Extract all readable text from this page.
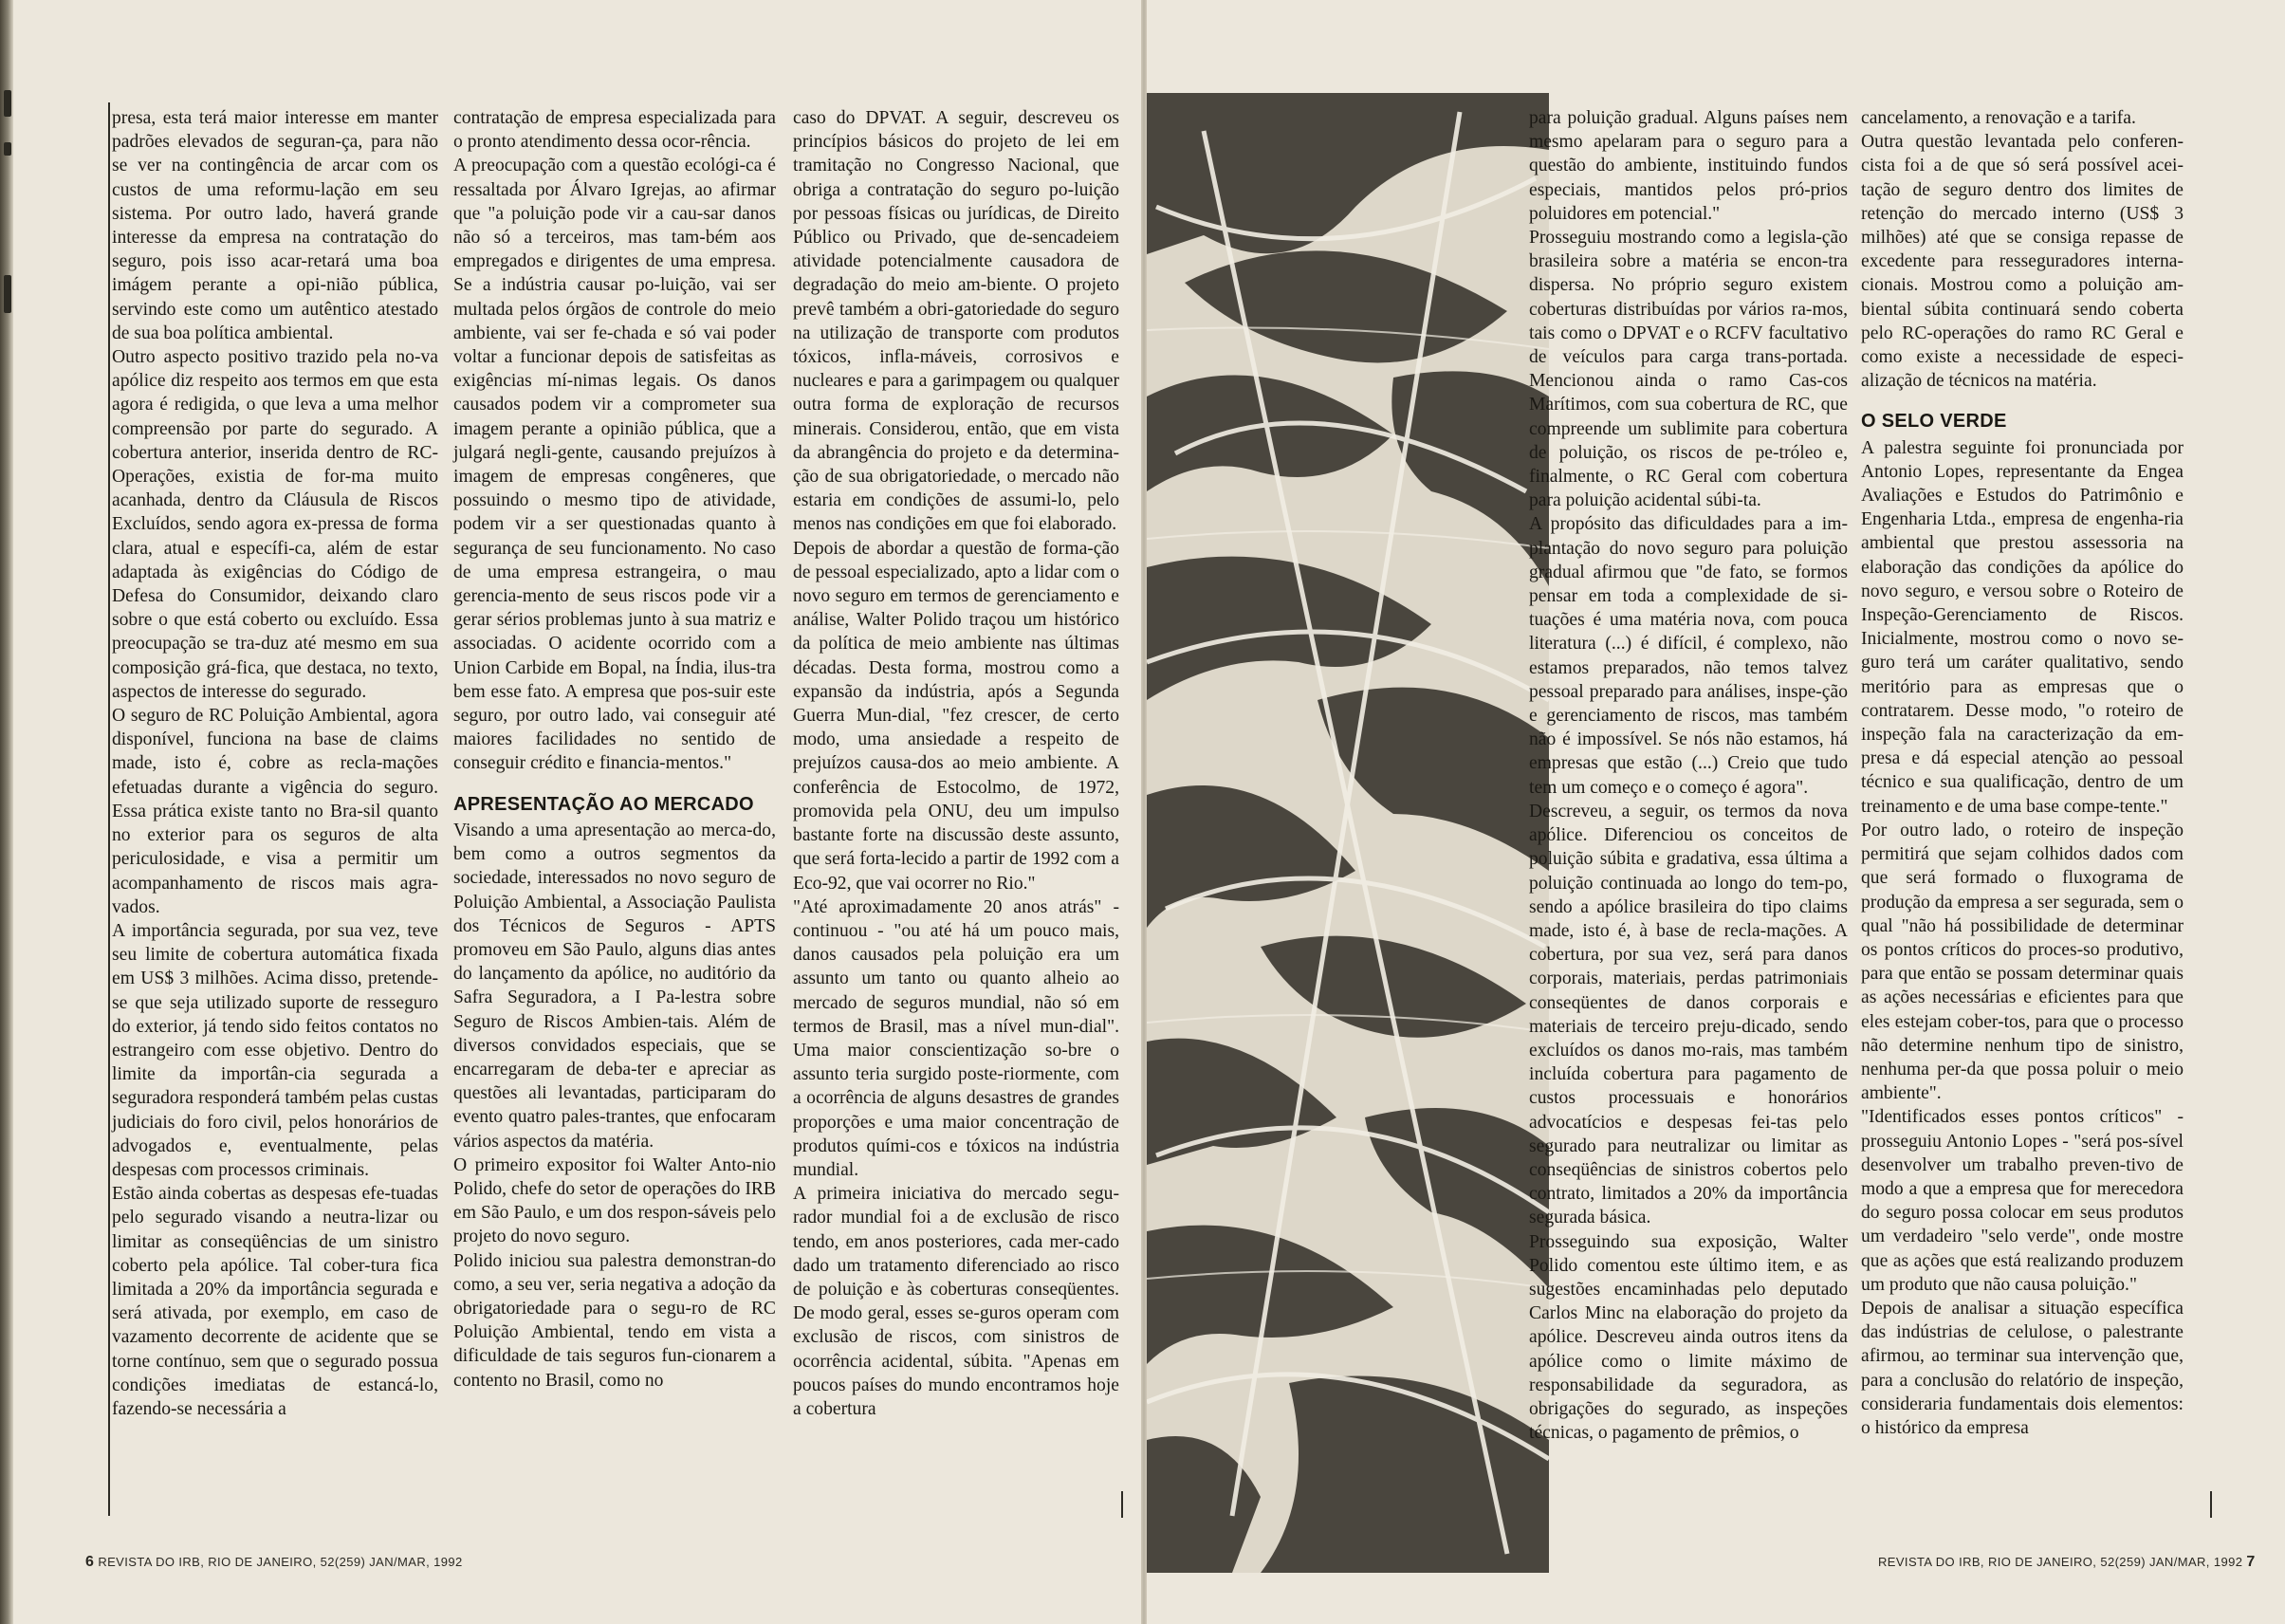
presa, esta terá maior interesse em manter padrões elevados de seguran-ça, para não se ver na contingência de arcar com os custos de uma reformu-lação em seu sistema. Por outro lado, haverá grande interesse da empresa na contratação do seguro, pois isso acar-retará uma boa imágem perante a opi-nião pública, servindo este como um autêntico atestado de sua boa política ambiental.

Outro aspecto positivo trazido pela no-va apólice diz respeito aos termos em que esta agora é redigida, o que leva a uma melhor compreensão por parte do segurado. A cobertura anterior, inserida dentro de RC-Operações, existia de for-ma muito acanhada, dentro da Cláusula de Riscos Excluídos, sendo agora ex-pressa de forma clara, atual e específi-ca, além de estar adaptada às exigências do Código de Defesa do Consumidor, deixando claro sobre o que está coberto ou excluído. Essa preocupação se tra-duz até mesmo em sua composição grá-fica, que destaca, no texto, aspectos de interesse do segurado.

O seguro de RC Poluição Ambiental, agora disponível, funciona na base de claims made, isto é, cobre as recla-mações efetuadas durante a vigência do seguro. Essa prática existe tanto no Bra-sil quanto no exterior para os seguros de alta periculosidade, e visa a permitir um acompanhamento de riscos mais agra-vados.

A importância segurada, por sua vez, teve seu limite de cobertura automática fixada em US$ 3 milhões. Acima disso, pretende-se que seja utilizado suporte de resseguro do exterior, já tendo sido feitos contatos no estrangeiro com esse objetivo. Dentro do limite da importân-cia segurada a seguradora responderá também pelas custas judiciais do foro civil, pelos honorários de advogados e, eventualmente, pelas despesas com processos criminais.

Estão ainda cobertas as despesas efe-tuadas pelo segurado visando a neutra-lizar ou limitar as conseqüências de um sinistro coberto pela apólice. Tal cober-tura fica limitada a 20% da importância segurada e será ativada, por exemplo, em caso de vazamento decorrente de acidente que se torne contínuo, sem que o segurado possua condições imediatas de estancá-lo, fazendo-se necessária a

contratação de empresa especializada para o pronto atendimento dessa ocor-rência.

A preocupação com a questão ecológi-ca é ressaltada por Álvaro Igrejas, ao afirmar que "a poluição pode vir a cau-sar danos não só a terceiros, mas tam-bém aos empregados e dirigentes de uma empresa. Se a indústria causar po-luição, vai ser multada pelos órgãos de controle do meio ambiente, vai ser fe-chada e só vai poder voltar a funcionar depois de satisfeitas as exigências mí-nimas legais. Os danos causados podem vir a comprometer sua imagem perante a opinião pública, que a julgará negli-gente, causando prejuízos à imagem de empresas congêneres, que possuindo o mesmo tipo de atividade, podem vir a ser questionadas quanto à segurança de seu funcionamento. No caso de uma empresa estrangeira, o mau gerencia-mento de seus riscos pode vir a gerar sérios problemas junto à sua matriz e associadas. O acidente ocorrido com a Union Carbide em Bopal, na Índia, ilus-tra bem esse fato. A empresa que pos-suir este seguro, por outro lado, vai conseguir até maiores facilidades no sentido de conseguir crédito e financia-mentos."

APRESENTAÇÃO AO MERCADO

Visando a uma apresentação ao merca-do, bem como a outros segmentos da sociedade, interessados no novo seguro de Poluição Ambiental, a Associação Paulista dos Técnicos de Seguros - APTS promoveu em São Paulo, alguns dias antes do lançamento da apólice, no auditório da Safra Seguradora, a I Pa-lestra sobre Seguro de Riscos Ambien-tais. Além de diversos convidados especiais, que se encarregaram de deba-ter e apreciar as questões ali levantadas, participaram do evento quatro pales-trantes, que enfocaram vários aspectos da matéria.

O primeiro expositor foi Walter Anto-nio Polido, chefe do setor de operações do IRB em São Paulo, e um dos respon-sáveis pelo projeto do novo seguro.

Polido iniciou sua palestra demonstran-do como, a seu ver, seria negativa a adoção da obrigatoriedade para o segu-ro de RC Poluição Ambiental, tendo em vista a dificuldade de tais seguros fun-cionarem a contento no Brasil, como no

caso do DPVAT. A seguir, descreveu os princípios básicos do projeto de lei em tramitação no Congresso Nacional, que obriga a contratação do seguro po-luição por pessoas físicas ou jurídicas, de Direito Público ou Privado, que de-sencadeiem atividade potencialmente causadora de degradação do meio am-biente. O projeto prevê também a obri-gatoriedade do seguro na utilização de transporte com produtos tóxicos, infla-máveis, corrosivos e nucleares e para a garimpagem ou qualquer outra forma de exploração de recursos minerais. Considerou, então, que em vista da abrangência do projeto e da determina-ção de sua obrigatoriedade, o mercado não estaria em condições de assumi-lo, pelo menos nas condições em que foi elaborado.

Depois de abordar a questão de forma-ção de pessoal especializado, apto a lidar com o novo seguro em termos de gerenciamento e análise, Walter Polido traçou um histórico da política de meio ambiente nas últimas décadas. Desta forma, mostrou como a expansão da indústria, após a Segunda Guerra Mun-dial, "fez crescer, de certo modo, uma ansiedade a respeito de prejuízos causa-dos ao meio ambiente. A conferência de Estocolmo, de 1972, promovida pela ONU, deu um impulso bastante forte na discussão deste assunto, que será forta-lecido a partir de 1992 com a Eco-92, que vai ocorrer no Rio."

"Até aproximadamente 20 anos atrás" - continuou - "ou até há um pouco mais, danos causados pela poluição era um assunto um tanto ou quanto alheio ao mercado de seguros mundial, não só em termos de Brasil, mas a nível mun-dial". Uma maior conscientização so-bre o assunto teria surgido poste-riormente, com a ocorrência de alguns desastres de grandes proporções e uma maior concentração de produtos quími-cos e tóxicos na indústria mundial.

A primeira iniciativa do mercado segu-rador mundial foi a de exclusão de risco tendo, em anos posteriores, cada mer-cado dado um tratamento diferenciado ao risco de poluição e às coberturas conseqüentes. De modo geral, esses se-guros operam com exclusão de riscos, com sinistros de ocorrência acidental, súbita. "Apenas em poucos países do mundo encontramos hoje a cobertura

6 REVISTA DO IRB, RIO DE JANEIRO, 52(259) JAN/MAR, 1992

para poluição gradual. Alguns países nem mesmo apelaram para o seguro para a questão do ambiente, instituindo fundos especiais, mantidos pelos pró-prios poluidores em potencial."

Prosseguiu mostrando como a legisla-ção brasileira sobre a matéria se encon-tra dispersa. No próprio seguro existem coberturas distribuídas por vários ra-mos, tais como o DPVAT e o RCFV facultativo de veículos para carga trans-portada. Mencionou ainda o ramo Cas-cos Marítimos, com sua cobertura de RC, que compreende um sublimite para cobertura de poluição, os riscos de pe-tróleo e, finalmente, o RC Geral com cobertura para poluição acidental súbi-ta.

A propósito das dificuldades para a im-plantação do novo seguro para poluição gradual afirmou que "de fato, se formos pensar em toda a complexidade de si-tuações é uma matéria nova, com pouca literatura (...) é difícil, é complexo, não estamos preparados, não temos talvez pessoal preparado para análises, inspe-ção e gerenciamento de riscos, mas também não é impossível. Se nós não estamos, há empresas que estão (...) Creio que tudo tem um começo e o começo é agora".

Descreveu, a seguir, os termos da nova apólice. Diferenciou os conceitos de poluição súbita e gradativa, essa última a poluição continuada ao longo do tem-po, sendo a apólice brasileira do tipo claims made, isto é, à base de recla-mações. A cobertura, por sua vez, será para danos corporais, materiais, perdas patrimoniais conseqüentes de danos corporais e materiais de terceiro preju-dicado, sendo excluídos os danos mo-rais, mas também incluída cobertura para pagamento de custos processuais e honorários advocatícios e despesas fei-tas pelo segurado para neutralizar ou limitar as conseqüências de sinistros cobertos pelo contrato, limitados a 20% da importância segurada básica.

Prosseguindo sua exposição, Walter Polido comentou este último item, e as sugestões encaminhadas pelo deputado Carlos Minc na elaboração do projeto da apólice. Descreveu ainda outros itens da apólice como o limite máximo de responsabilidade da seguradora, as obrigações do segurado, as inspeções técnicas, o pagamento de prêmios, o

cancelamento, a renovação e a tarifa.

Outra questão levantada pelo conferen-cista foi a de que só será possível acei-tação de seguro dentro dos limites de retenção do mercado interno (US$ 3 milhões) até que se consiga repasse de excedente para resseguradores interna-cionais. Mostrou como a poluição am-biental súbita continuará sendo coberta pelo RC-operações do ramo RC Geral e como existe a necessidade de especi-alização de técnicos na matéria.

O SELO VERDE

A palestra seguinte foi pronunciada por Antonio Lopes, representante da Engea Avaliações e Estudos do Patrimônio e Engenharia Ltda., empresa de engenha-ria ambiental que prestou assessoria na elaboração das condições da apólice do novo seguro, e versou sobre o Roteiro de Inspeção-Gerenciamento de Riscos. Inicialmente, mostrou como o novo se-guro terá um caráter qualitativo, sendo meritório para as empresas que o contratarem. Desse modo, "o roteiro de inspeção fala na caracterização da em-presa e dá especial atenção ao pessoal técnico e sua qualificação, dentro de um treinamento e de uma base compe-tente."

Por outro lado, o roteiro de inspeção permitirá que sejam colhidos dados com que será formado o fluxograma de produção da empresa a ser segurada, sem o qual "não há possibilidade de determinar os pontos críticos do proces-so produtivo, para que então se possam determinar quais as ações necessárias e eficientes para que eles estejam cober-tos, para que o processo não determine nenhum tipo de sinistro, nenhuma per-da que possa poluir o meio ambiente".

"Identificados esses pontos críticos" - prosseguiu Antonio Lopes - "será pos-sível desenvolver um trabalho preven-tivo de modo a que a empresa que for merecedora do seguro possa colocar em seus produtos um verdadeiro "selo verde", onde mostre que as ações que está realizando produzem um produto que não causa poluição."

Depois de analisar a situação específica das indústrias de celulose, o palestrante afirmou, ao terminar sua intervenção que, para a conclusão do relatório de inspeção, consideraria fundamentais dois elementos: o histórico da empresa

REVISTA DO IRB, RIO DE JANEIRO, 52(259) JAN/MAR, 1992 7
